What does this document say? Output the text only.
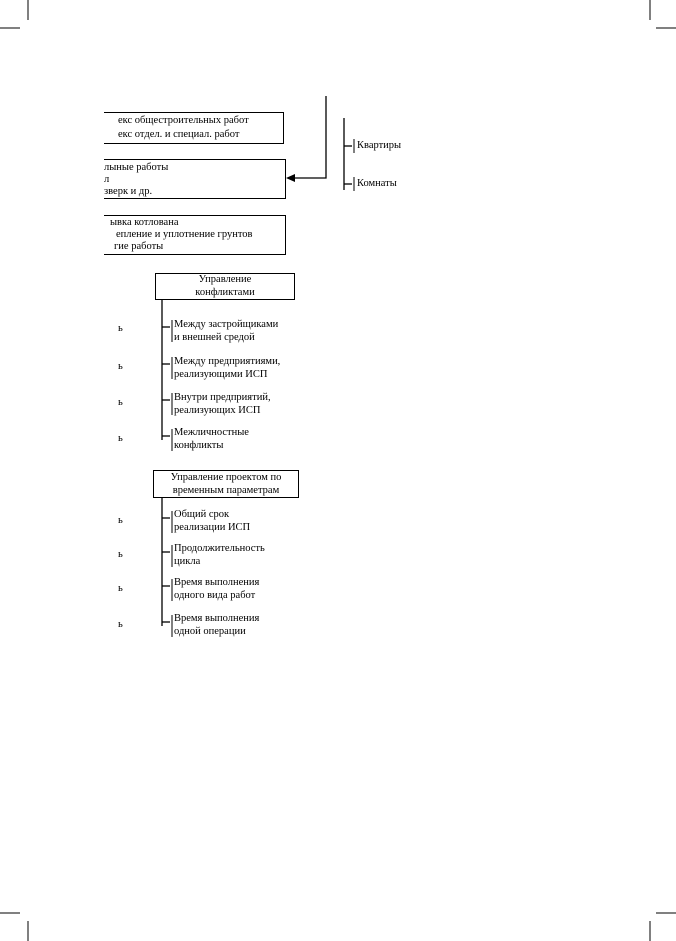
екс общестроительных работ
екс отдел. и специал. работ
лыные работы
л
зверк и др.
ывка котлована
епление и уплотнение грунтов
гие работы
Квартиры
Комнаты
Управление
конфликтами
Между застройщиками
и внешней средой
Между предприятиями,
реализующими ИСП
Внутри предприятий,
реализующих ИСП
Межличностные
конфликты
ь
ь
ь
ь
Управление проектом по
временным параметрам
Общий срок
реализации ИСП
Продолжительность
цикла
Время выполнения
одного вида работ
Время выполнения
одной операции
ь
ь
ь
ь
